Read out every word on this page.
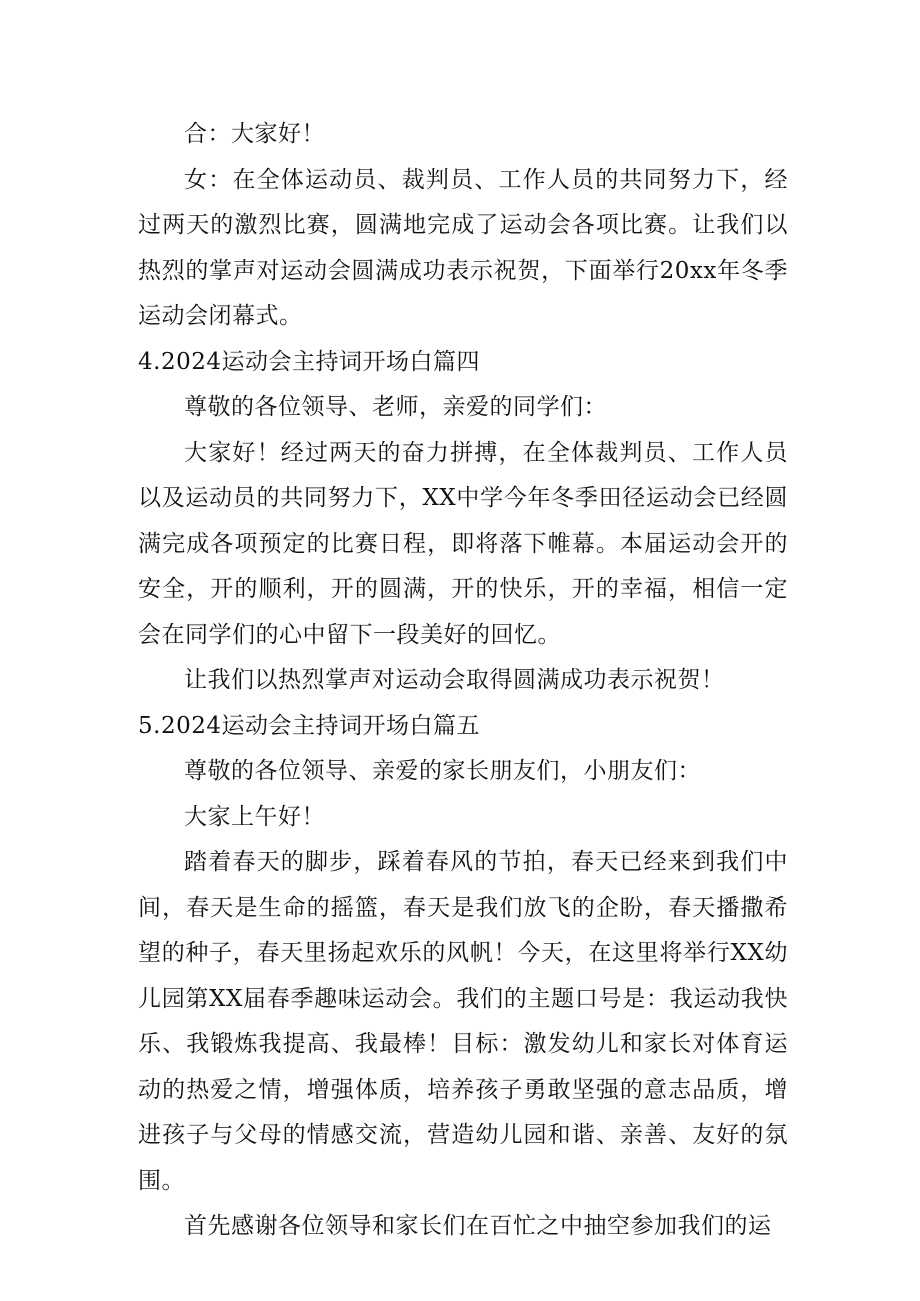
合：大家好！

女：在全体运动员、裁判员、工作人员的共同努力下，经过两天的激烈比赛，圆满地完成了运动会各项比赛。让我们以热烈的掌声对运动会圆满成功表示祝贺，下面举行20xx年冬季运动会闭幕式。

4.2024运动会主持词开场白篇四

尊敬的各位领导、老师，亲爱的同学们：

大家好！经过两天的奋力拼搏，在全体裁判员、工作人员以及运动员的共同努力下，XX中学今年冬季田径运动会已经圆满完成各项预定的比赛日程，即将落下帷幕。本届运动会开的安全，开的顺利，开的圆满，开的快乐，开的幸福，相信一定会在同学们的心中留下一段美好的回忆。

让我们以热烈掌声对运动会取得圆满成功表示祝贺！

5.2024运动会主持词开场白篇五

尊敬的各位领导、亲爱的家长朋友们，小朋友们：

大家上午好！

踏着春天的脚步，踩着春风的节拍，春天已经来到我们中间，春天是生命的摇篮，春天是我们放飞的企盼，春天播撒希望的种子，春天里扬起欢乐的风帆！今天，在这里将举行XX幼儿园第XX届春季趣味运动会。我们的主题口号是：我运动我快乐、我锻炼我提高、我最棒！目标：激发幼儿和家长对体育运动的热爱之情，增强体质，培养孩子勇敢坚强的意志品质，增进孩子与父母的情感交流，营造幼儿园和谐、亲善、友好的氛围。

首先感谢各位领导和家长们在百忙之中抽空参加我们的运
